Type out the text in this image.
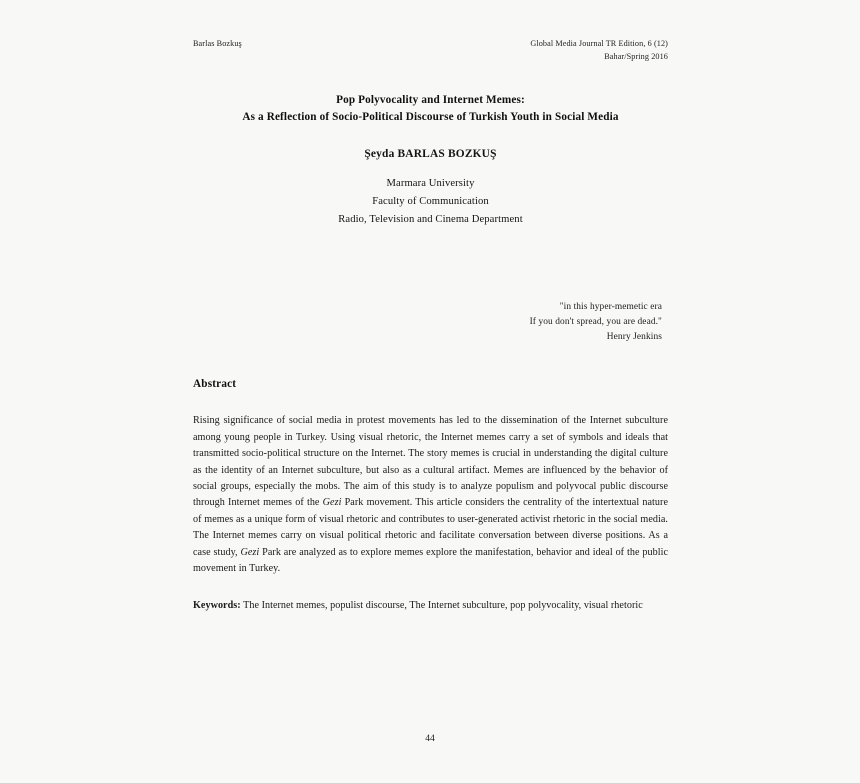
Barlas Bozkuş	Global Media Journal TR Edition, 6 (12)
Bahar/Spring 2016
Pop Polyvocality and Internet Memes:
As a Reflection of Socio-Political Discourse of Turkish Youth in Social Media
Şeyda BARLAS BOZKUŞ
Marmara University
Faculty of Communication
Radio, Television and Cinema Department
"in this hyper-memetic era
If you don't spread, you are dead."
Henry Jenkins
Abstract

Rising significance of social media in protest movements has led to the dissemination of the Internet subculture among young people in Turkey. Using visual rhetoric, the Internet memes carry a set of symbols and ideals that transmitted socio-political structure on the Internet. The story memes is crucial in understanding the digital culture as the identity of an Internet subculture, but also as a cultural artifact. Memes are influenced by the behavior of social groups, especially the mobs. The aim of this study is to analyze populism and polyvocal public discourse through Internet memes of the Gezi Park movement. This article considers the centrality of the intertextual nature of memes as a unique form of visual rhetoric and contributes to user-generated activist rhetoric in the social media. The Internet memes carry on visual political rhetoric and facilitate conversation between diverse positions. As a case study, Gezi Park are analyzed as to explore memes explore the manifestation, behavior and ideal of the public movement in Turkey.

Keywords: The Internet memes, populist discourse, The Internet subculture, pop polyvocality, visual rhetoric

44
